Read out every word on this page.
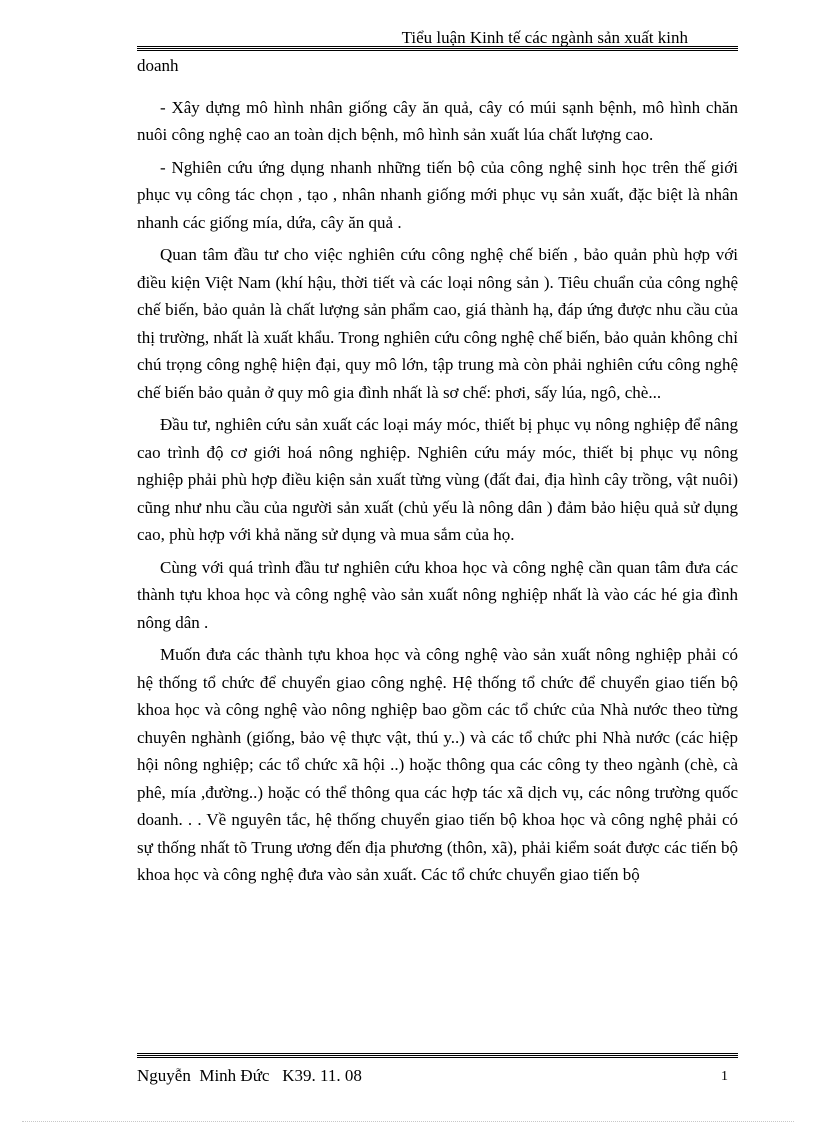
Tiểu luận Kinh tế các ngành sản xuất kinh

doanh

- Xây dựng mô hình nhân giống cây ăn quả, cây có múi sạnh bệnh, mô hình chăn nuôi công nghệ cao an toàn dịch bệnh, mô hình sản xuất lúa chất lượng cao.

- Nghiên cứu ứng dụng nhanh những tiến bộ của công nghệ sinh học trên thế giới phục vụ công tác chọn , tạo , nhân nhanh giống mới phục vụ sản xuất, đặc biệt là nhân nhanh các giống mía, dứa, cây ăn quả .

Quan tâm đầu tư cho việc nghiên cứu công nghệ chế biến , bảo quản phù hợp với điều kiện Việt Nam (khí hậu, thời tiết và các loại nông sản ). Tiêu chuẩn của công nghệ chế biến, bảo quản là chất lượng sản phẩm cao, giá thành hạ, đáp ứng được nhu cầu của thị trường, nhất là xuất khẩu. Trong nghiên cứu công nghệ chế biến, bảo quản không chỉ chú trọng công nghệ hiện đại, quy mô lớn, tập trung mà còn phải nghiên cứu công nghệ chế biến bảo quản ở quy mô gia đình nhất là sơ chế: phơi, sấy lúa, ngô, chè...

Đầu tư, nghiên cứu sản xuất các loại máy móc, thiết bị phục vụ nông nghiệp để nâng cao trình độ cơ giới hoá nông nghiệp. Nghiên cứu máy móc, thiết bị phục vụ nông nghiệp phải phù hợp điều kiện sản xuất từng vùng (đất đai, địa hình cây trồng, vật nuôi) cũng như nhu cầu của người sản xuất (chủ yếu là nông dân ) đảm bảo hiệu quả sử dụng cao, phù hợp với khả năng sử dụng và mua sắm của họ.

Cùng với quá trình đầu tư nghiên cứu khoa học và công nghệ cần quan tâm đưa các thành tựu khoa học và công nghệ vào sản xuất nông nghiệp nhất là vào các hé gia đình nông dân .

Muốn đưa các thành tựu khoa học và công nghệ vào sản xuất nông nghiệp phải có hệ thống tổ chức để chuyển giao công nghệ. Hệ thống tổ chức để chuyển giao tiến bộ khoa học và công nghệ vào nông nghiệp bao gồm các tổ chức của Nhà nước theo từng chuyên nghành (giống, bảo vệ thực vật, thú y..) và các tổ chức phi Nhà nước (các hiệp hội nông nghiệp; các tổ chức xã hội ..) hoặc thông qua các công ty theo ngành (chè, cà phê, mía ,đường..) hoặc có thể thông qua các hợp tác xã dịch vụ, các nông trường quốc doanh. . . Về nguyên tắc, hệ thống chuyển giao tiến bộ khoa học và công nghệ phải có sự thống nhất tõ Trung ương đến địa phương (thôn, xã), phải kiểm soát được các tiến bộ khoa học và công nghệ đưa vào sản xuất. Các tổ chức chuyển giao tiến bộ

Nguyễn  Minh Đức   K39. 11. 08	1
